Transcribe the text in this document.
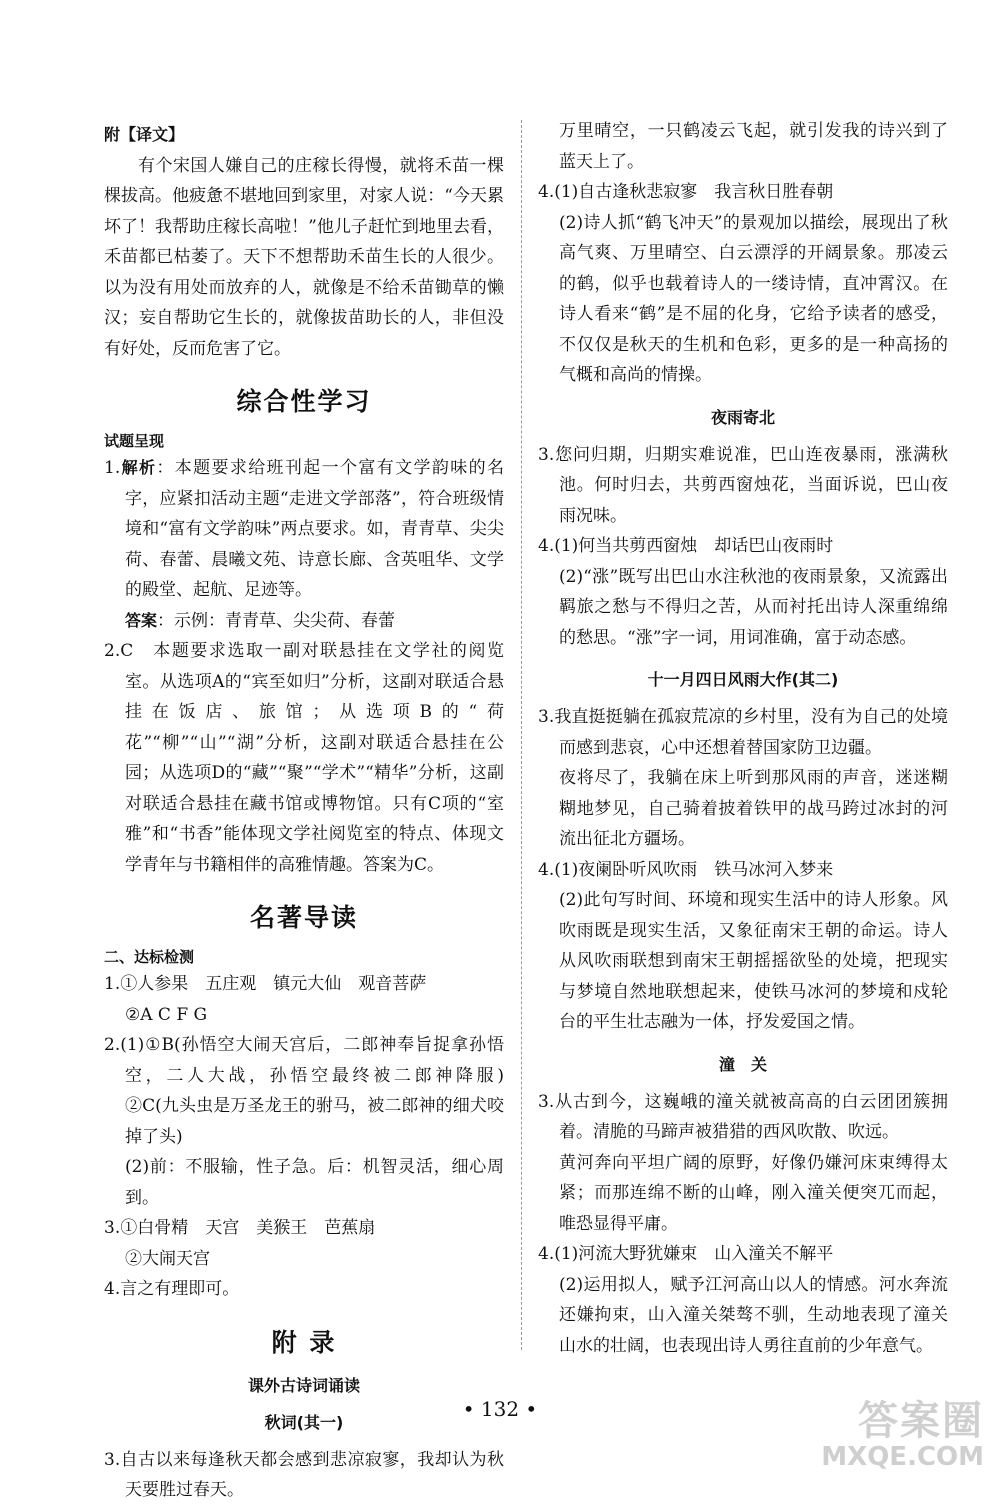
附【译文】

有个宋国人嫌自己的庄稼长得慢，就将禾苗一棵棵拔高。他疲惫不堪地回到家里，对家人说：“今天累坏了！我帮助庄稼长高啦！”他儿子赶忙到地里去看，禾苗都已枯萎了。天下不想帮助禾苗生长的人很少。以为没有用处而放弃的人，就像是不给禾苗锄草的懒汉；妄自帮助它生长的，就像拔苗助长的人，非但没有好处，反而危害了它。

综合性学习
试题呈现

1.解析：本题要求给班刊起一个富有文学韵味的名字，应紧扣活动主题“走进文学部落”，符合班级情境和“富有文学韵味”两点要求。如，青青草、尖尖荷、春蕾、晨曦文苑、诗意长廊、含英咀华、文学的殿堂、起航、足迹等。

答案：示例：青青草、尖尖荷、春蕾

2.C　本题要求选取一副对联悬挂在文学社的阅览室。从选项A的“宾至如归”分析，这副对联适合悬挂在饭店、旅馆；从选项B的“荷花”“柳”“山”“湖”分析，这副对联适合悬挂在公园；从选项D的“藏”“聚”“学术”“精华”分析，这副对联适合悬挂在藏书馆或博物馆。只有C项的“室雅”和“书香”能体现文学社阅览室的特点、体现文学青年与书籍相伴的高雅情趣。答案为C。

名著导读
二、达标检测

1.①人参果　五庄观　镇元大仙　观音菩萨

②A C F G

2.(1)①B(孙悟空大闹天宫后，二郎神奉旨捉拿孙悟空，二人大战，孙悟空最终被二郎神降服)　②C(九头虫是万圣龙王的驸马，被二郎神的细犬咬掉了头)

(2)前：不服输，性子急。后：机智灵活，细心周到。

3.①白骨精　天宫　美猴王　芭蕉扇

②大闹天宫

4.言之有理即可。

附 录
课外古诗词诵读
秋词(其一)

3.自古以来每逢秋天都会感到悲凉寂寥，我却认为秋天要胜过春天。

万里晴空，一只鹤凌云飞起，就引发我的诗兴到了蓝天上了。

4.(1)自古逢秋悲寂寥　我言秋日胜春朝

(2)诗人抓“鹤飞冲天”的景观加以描绘，展现出了秋高气爽、万里晴空、白云漂浮的开阔景象。那凌云的鹤，似乎也载着诗人的一缕诗情，直冲霄汉。在诗人看来“鹤”是不屈的化身，它给予读者的感受，不仅仅是秋天的生机和色彩，更多的是一种高扬的气概和高尚的情操。

夜雨寄北

3.您问归期，归期实难说准，巴山连夜暴雨，涨满秋池。何时归去，共剪西窗烛花，当面诉说，巴山夜雨况味。

4.(1)何当共剪西窗烛　却话巴山夜雨时

(2)“涨”既写出巴山水注秋池的夜雨景象，又流露出羁旅之愁与不得归之苦，从而衬托出诗人深重绵绵的愁思。“涨”字一词，用词准确，富于动态感。

十一月四日风雨大作(其二)

3.我直挺挺躺在孤寂荒凉的乡村里，没有为自己的处境而感到悲哀，心中还想着替国家防卫边疆。

夜将尽了，我躺在床上听到那风雨的声音，迷迷糊糊地梦见，自己骑着披着铁甲的战马跨过冰封的河流出征北方疆场。

4.(1)夜阑卧听风吹雨　铁马冰河入梦来

(2)此句写时间、环境和现实生活中的诗人形象。风吹雨既是现实生活，又象征南宋王朝的命运。诗人从风吹雨联想到南宋王朝摇摇欲坠的处境，把现实与梦境自然地联想起来，使铁马冰河的梦境和戍轮台的平生壮志融为一体，抒发爱国之情。

潼　关

3.从古到今，这巍峨的潼关就被高高的白云团团簇拥着。清脆的马蹄声被猎猎的西风吹散、吹远。

黄河奔向平坦广阔的原野，好像仍嫌河床束缚得太紧；而那连绵不断的山峰，刚入潼关便突兀而起，唯恐显得平庸。

4.(1)河流大野犹嫌束　山入潼关不解平

(2)运用拟人，赋予江河高山以人的情感。河水奔流还嫌拘束，山入潼关桀骜不驯，生动地表现了潼关山水的壮阔，也表现出诗人勇往直前的少年意气。

• 132 •	答案圈
MXQE.COM
